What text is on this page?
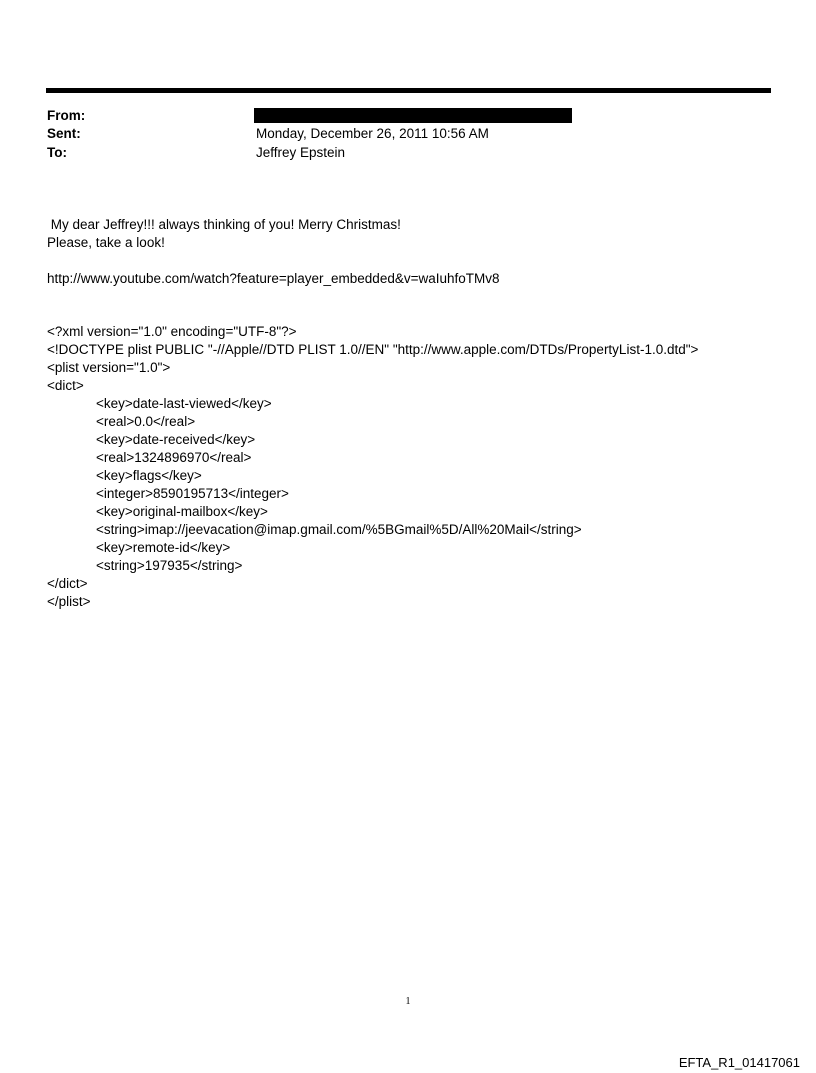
From:
Sent:	Monday, December 26, 2011 10:56 AM
To:	Jeffrey Epstein
My dear Jeffrey!!! always thinking of you! Merry Christmas!
Please, take a look!
http://www.youtube.com/watch?feature=player_embedded&v=waIuhfoTMv8
<?xml version="1.0" encoding="UTF-8"?>
<!DOCTYPE plist PUBLIC "-//Apple//DTD PLIST 1.0//EN" "http://www.apple.com/DTDs/PropertyList-1.0.dtd">
<plist version="1.0">
<dict>
<key>date-last-viewed</key>
<real>0.0</real>
<key>date-received</key>
<real>1324896970</real>
<key>flags</key>
<integer>8590195713</integer>
<key>original-mailbox</key>
<string>imap://jeevacation@imap.gmail.com/%5BGmail%5D/All%20Mail</string>
<key>remote-id</key>
<string>197935</string>
</dict>
</plist>
1
EFTA_R1_01417061
